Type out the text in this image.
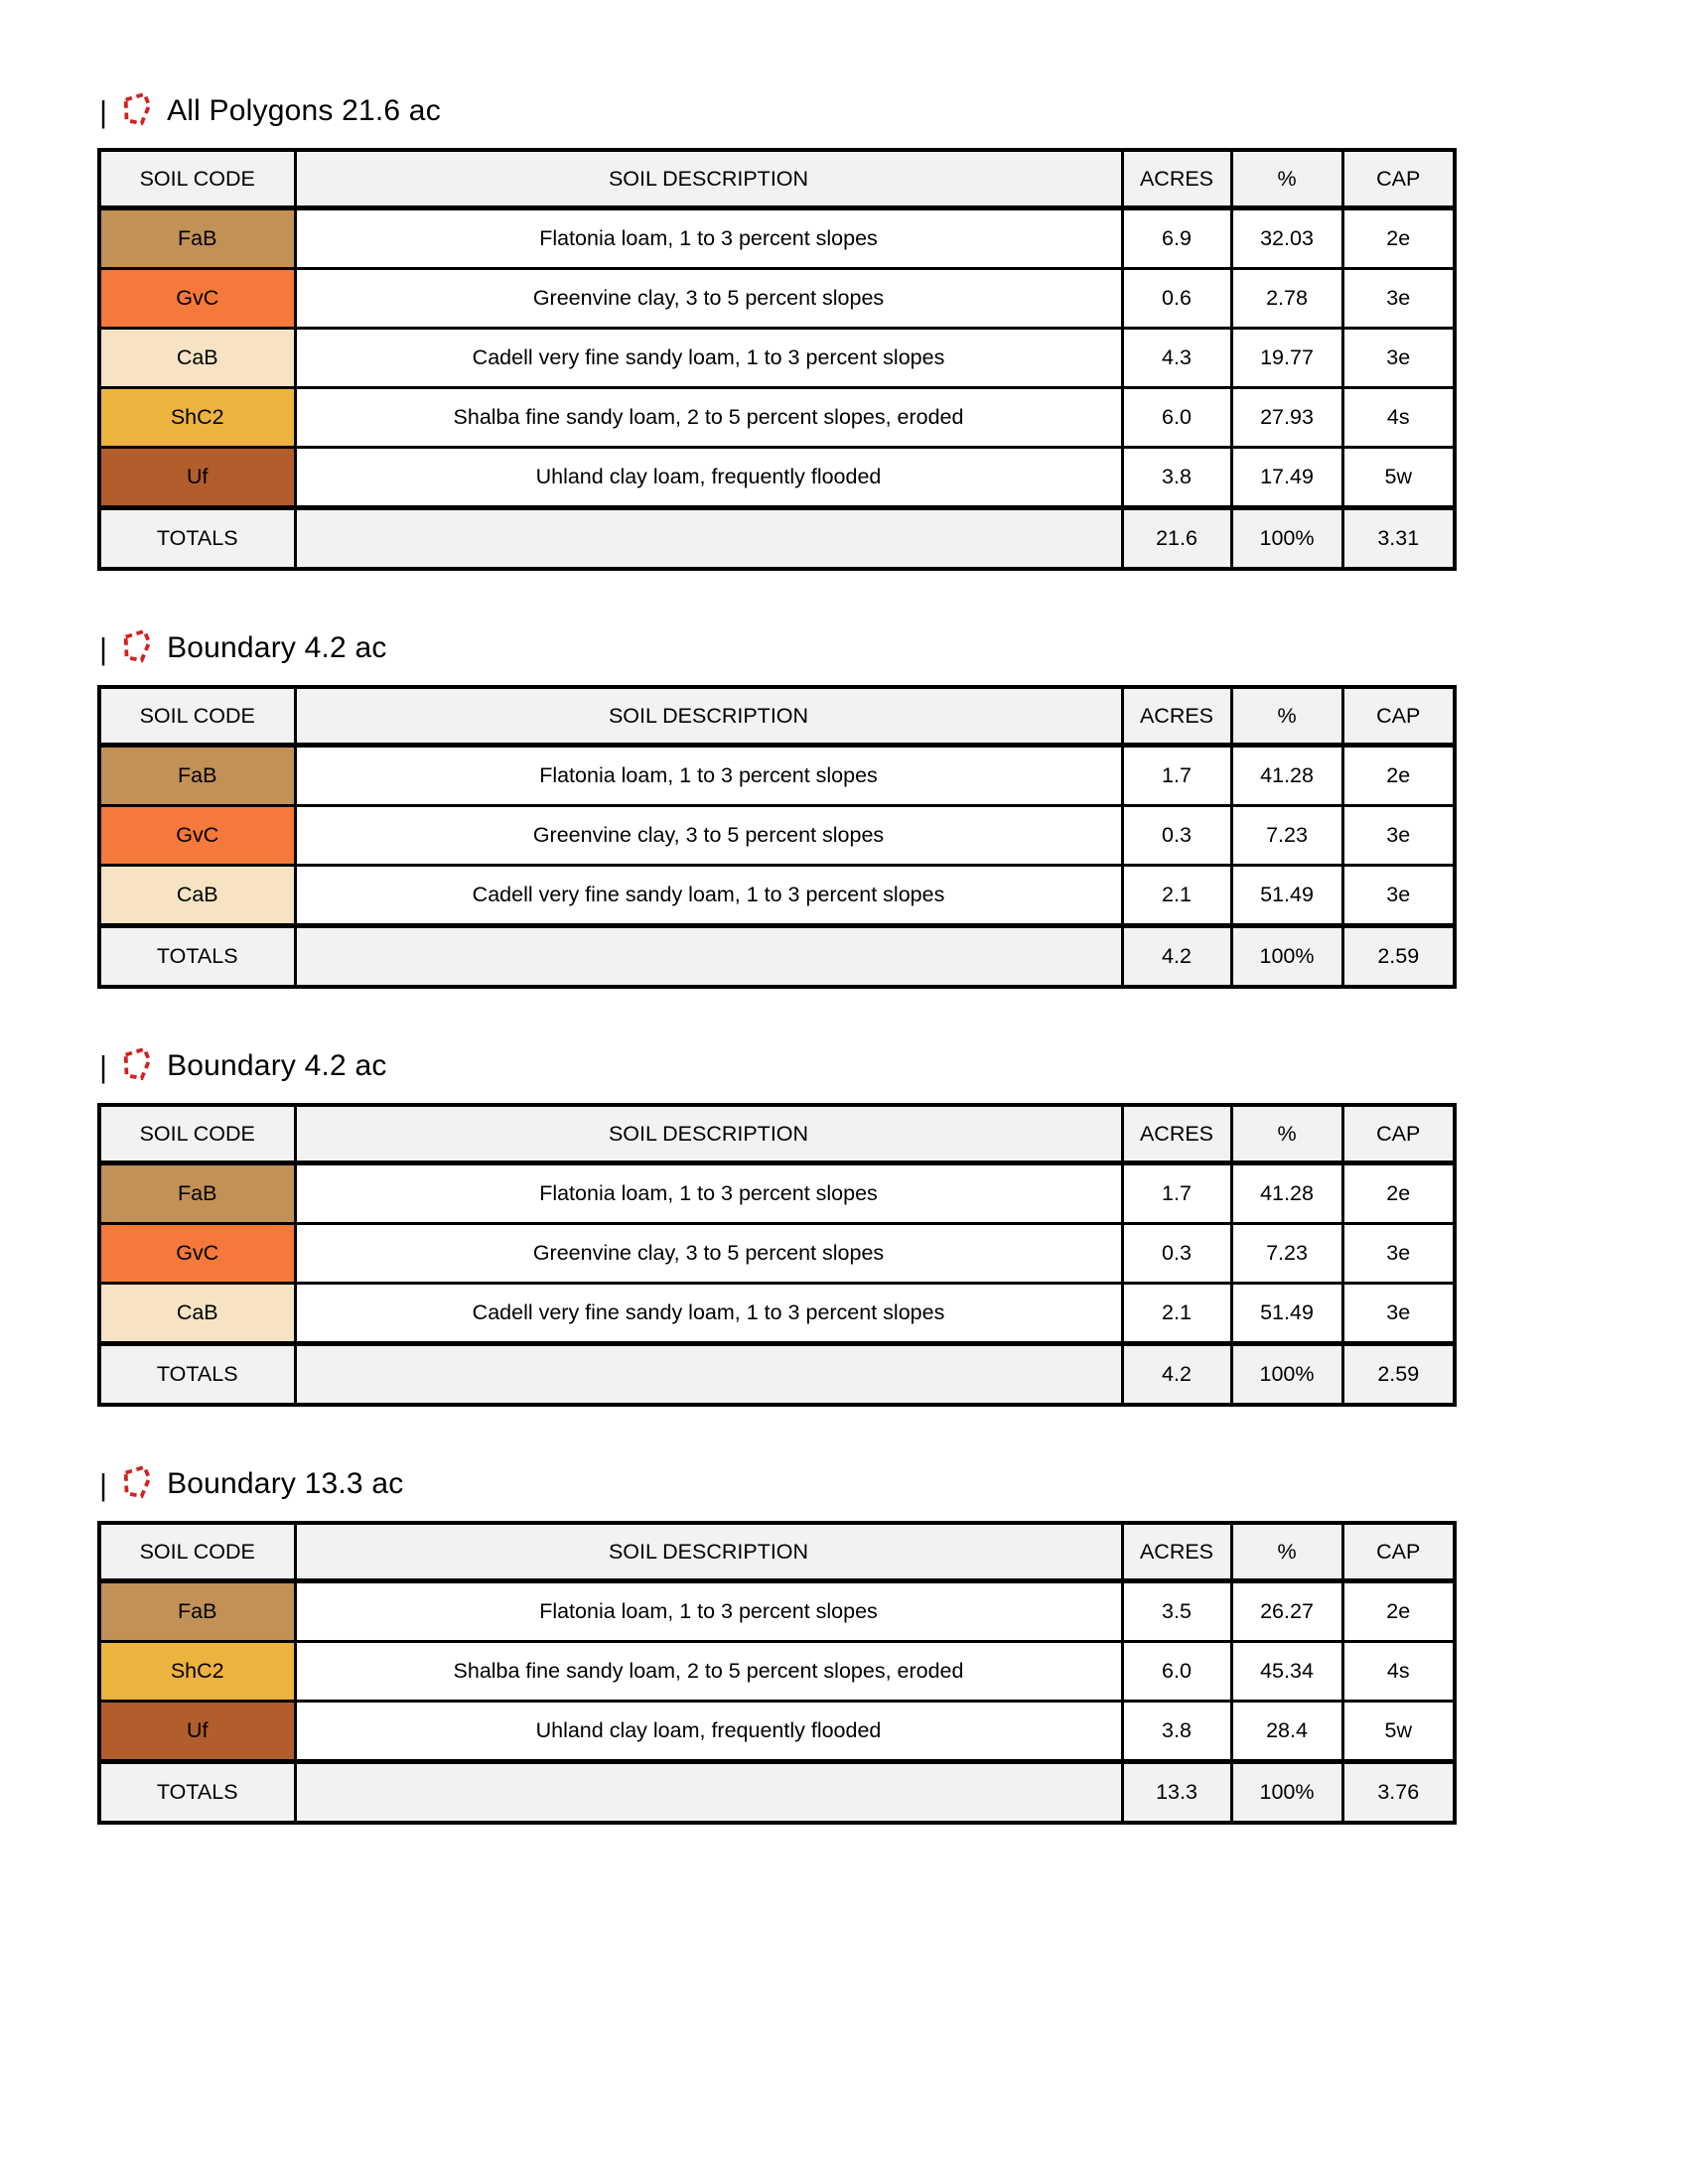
| All Polygons 21.6 ac
SOIL CODE	SOIL DESCRIPTION	ACRES	%	CAP
FaB	Flatonia loam, 1 to 3 percent slopes	6.9	32.03	2e
GvC	Greenvine clay, 3 to 5 percent slopes	0.6	2.78	3e
CaB	Cadell very fine sandy loam, 1 to 3 percent slopes	4.3	19.77	3e
ShC2	Shalba fine sandy loam, 2 to 5 percent slopes, eroded	6.0	27.93	4s
Uf	Uhland clay loam, frequently flooded	3.8	17.49	5w
TOTALS		21.6	100%	3.31
| Boundary 4.2 ac
SOIL CODE	SOIL DESCRIPTION	ACRES	%	CAP
FaB	Flatonia loam, 1 to 3 percent slopes	1.7	41.28	2e
GvC	Greenvine clay, 3 to 5 percent slopes	0.3	7.23	3e
CaB	Cadell very fine sandy loam, 1 to 3 percent slopes	2.1	51.49	3e
TOTALS		4.2	100%	2.59
| Boundary 4.2 ac
SOIL CODE	SOIL DESCRIPTION	ACRES	%	CAP
FaB	Flatonia loam, 1 to 3 percent slopes	1.7	41.28	2e
GvC	Greenvine clay, 3 to 5 percent slopes	0.3	7.23	3e
CaB	Cadell very fine sandy loam, 1 to 3 percent slopes	2.1	51.49	3e
TOTALS		4.2	100%	2.59
| Boundary 13.3 ac
SOIL CODE	SOIL DESCRIPTION	ACRES	%	CAP
FaB	Flatonia loam, 1 to 3 percent slopes	3.5	26.27	2e
ShC2	Shalba fine sandy loam, 2 to 5 percent slopes, eroded	6.0	45.34	4s
Uf	Uhland clay loam, frequently flooded	3.8	28.4	5w
TOTALS		13.3	100%	3.76
